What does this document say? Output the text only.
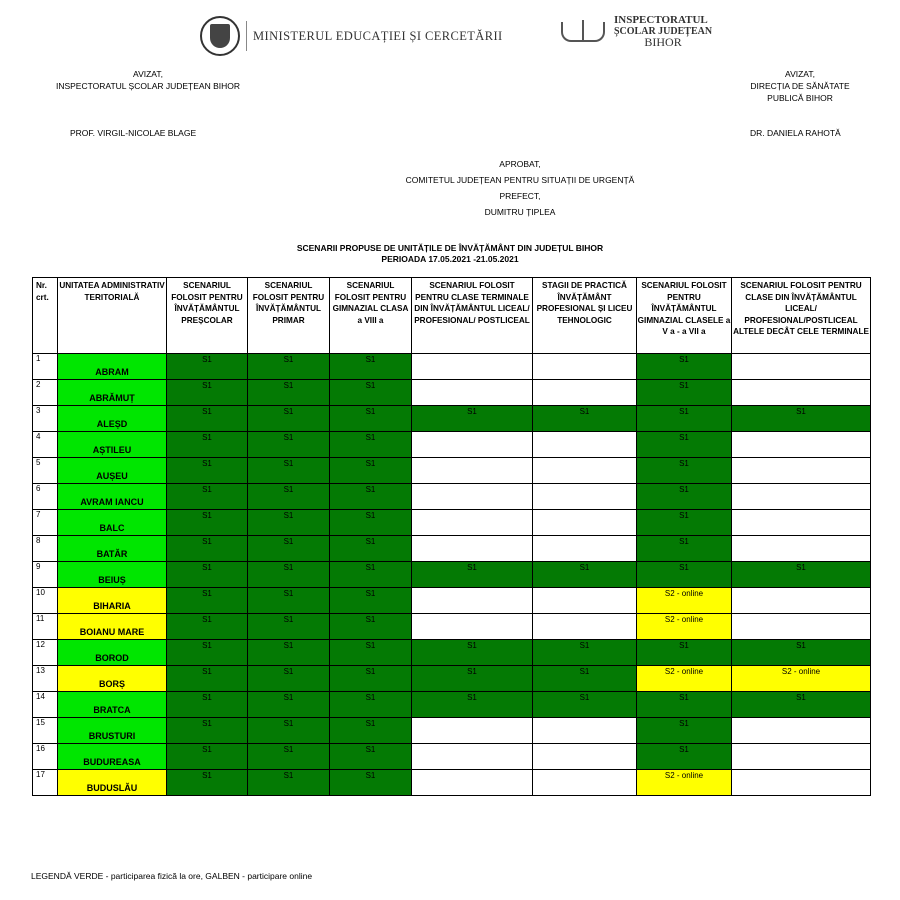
MINISTERUL EDUCAȚIEI ȘI CERCETĂRII
INSPECTORATUL
ȘCOLAR JUDEȚEAN
BIHOR
AVIZAT,
INSPECTORATUL ȘCOLAR JUDEȚEAN BIHOR
PROF. VIRGIL-NICOLAE BLAGE
AVIZAT,
DIRECȚIA DE SĂNĂTATE
PUBLICĂ BIHOR
DR. DANIELA RAHOTĂ
APROBAT,
COMITETUL JUDEȚEAN PENTRU SITUAȚII DE URGENȚĂ
PREFECT,
DUMITRU ȚIPLEA
SCENARII PROPUSE DE UNITĂȚILE DE ÎNVĂȚĂMÂNT DIN JUDEȚUL BIHOR
PERIOADA 17.05.2021 -21.05.2021
Nr. crt.	UNITATEA ADMINISTRATIV TERITORIALĂ	SCENARIUL FOLOSIT PENTRU ÎNVĂȚĂMÂNTUL PREȘCOLAR	SCENARIUL FOLOSIT PENTRU ÎNVĂȚĂMÂNTUL PRIMAR	SCENARIUL FOLOSIT PENTRU GIMNAZIAL CLASA a VIII a	SCENARIUL FOLOSIT PENTRU CLASE TERMINALE DIN ÎNVĂȚĂMÂNTUL LICEAL/ PROFESIONAL/ POSTLICEAL	STAGII DE PRACTICĂ ÎNVĂȚĂMÂNT PROFESIONAL ȘI LICEU TEHNOLOGIC	SCENARIUL FOLOSIT PENTRU ÎNVĂȚĂMÂNTUL GIMNAZIAL CLASELE a V a - a VII a	SCENARIUL FOLOSIT PENTRU CLASE DIN ÎNVĂȚĂMÂNTUL LICEAL/ PROFESIONAL/POSTLICEAL ALTELE DECÂT CELE TERMINALE
1	ABRAM	S1	S1	S1			S1	
2	ABRĂMUȚ	S1	S1	S1			S1	
3	ALEȘD	S1	S1	S1	S1	S1	S1	S1
4	AȘTILEU	S1	S1	S1			S1	
5	AUȘEU	S1	S1	S1			S1	
6	AVRAM IANCU	S1	S1	S1			S1	
7	BALC	S1	S1	S1			S1	
8	BATĂR	S1	S1	S1			S1	
9	BEIUȘ	S1	S1	S1	S1	S1	S1	S1
10	BIHARIA	S1	S1	S1			S2 - online	
11	BOIANU MARE	S1	S1	S1			S2 - online	
12	BOROD	S1	S1	S1	S1	S1	S1	S1
13	BORȘ	S1	S1	S1	S1	S1	S2 - online	S2 - online
14	BRATCA	S1	S1	S1	S1	S1	S1	S1
15	BRUSTURI	S1	S1	S1			S1	
16	BUDUREASA	S1	S1	S1			S1	
17	BUDUSLĂU	S1	S1	S1			S2 - online	
LEGENDĂ VERDE - participarea fizică la ore, GALBEN - participare online
